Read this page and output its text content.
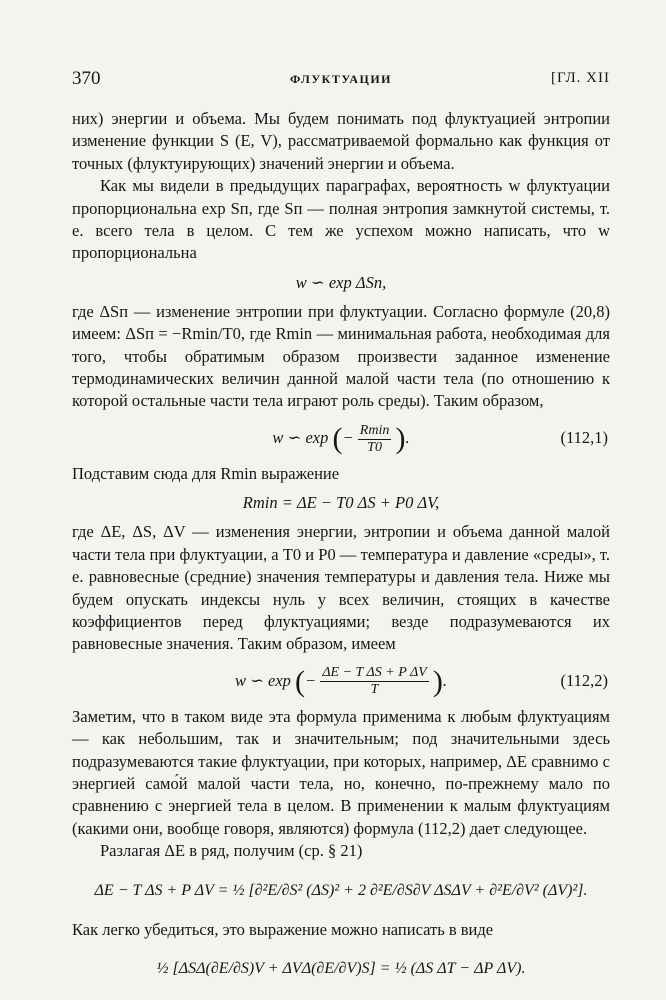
370	ФЛУКТУАЦИИ	[ГЛ. XII

них) энергии и объема. Мы будем понимать под флуктуацией энтропии изменение функции S (E, V), рассматриваемой формально как функция от точных (флуктуирующих) значений энергии и объема.

Как мы видели в предыдущих параграфах, вероятность w флуктуации пропорциональна exp Sп, где Sп — полная энтропия замкнутой системы, т. е. всего тела в целом. С тем же успехом можно написать, что w пропорциональна

w ∽ exp ΔSп,

где ΔSп — изменение энтропии при флуктуации. Согласно формуле (20,8) имеем: ΔSп = −Rmin/T0, где Rmin — минимальная работа, необходимая для того, чтобы обратимым образом произвести заданное изменение термодинамических величин данной малой части тела (по отношению к которой остальные части тела играют роль среды). Таким образом,

w ∽ exp (− $\frac{Rmin}{T0}$ ).	(112,1)

Подставим сюда для Rmin выражение

Rmin = ΔE − T0 ΔS + P0 ΔV,

где ΔE, ΔS, ΔV — изменения энергии, энтропии и объема данной малой части тела при флуктуации, а T0 и P0 — температура и давление «среды», т. е. равновесные (средние) значения температуры и давления тела. Ниже мы будем опускать индексы нуль у всех величин, стоящих в качестве коэффициентов перед флуктуациями; везде подразумеваются их равновесные значения. Таким образом, имеем

w ∽ exp (− $\frac{\text{ΔE − T ΔS + P ΔV}}{T}$ ).	(112,2)

Заметим, что в таком виде эта формула применима к любым флуктуациям — как небольшим, так и значительным; под значительными здесь подразумеваются такие флуктуации, при которых, например, ΔE сравнимо с энергией само́й малой части тела, но, конечно, по-прежнему мало по сравнению с энергией тела в целом. В применении к малым флуктуациям (какими они, вообще говоря, являются) формула (112,2) дает следующее.

Разлагая ΔE в ряд, получим (ср. § 21)

ΔE − T ΔS + P ΔV = ½ [∂²E/∂S² (ΔS)² + 2 ∂²E/∂S∂V ΔSΔV + ∂²E/∂V² (ΔV)²].

Как легко убедиться, это выражение можно написать в виде

½ [ΔSΔ(∂E/∂S)V + ΔVΔ(∂E/∂V)S] = ½ (ΔS ΔT − ΔP ΔV).
